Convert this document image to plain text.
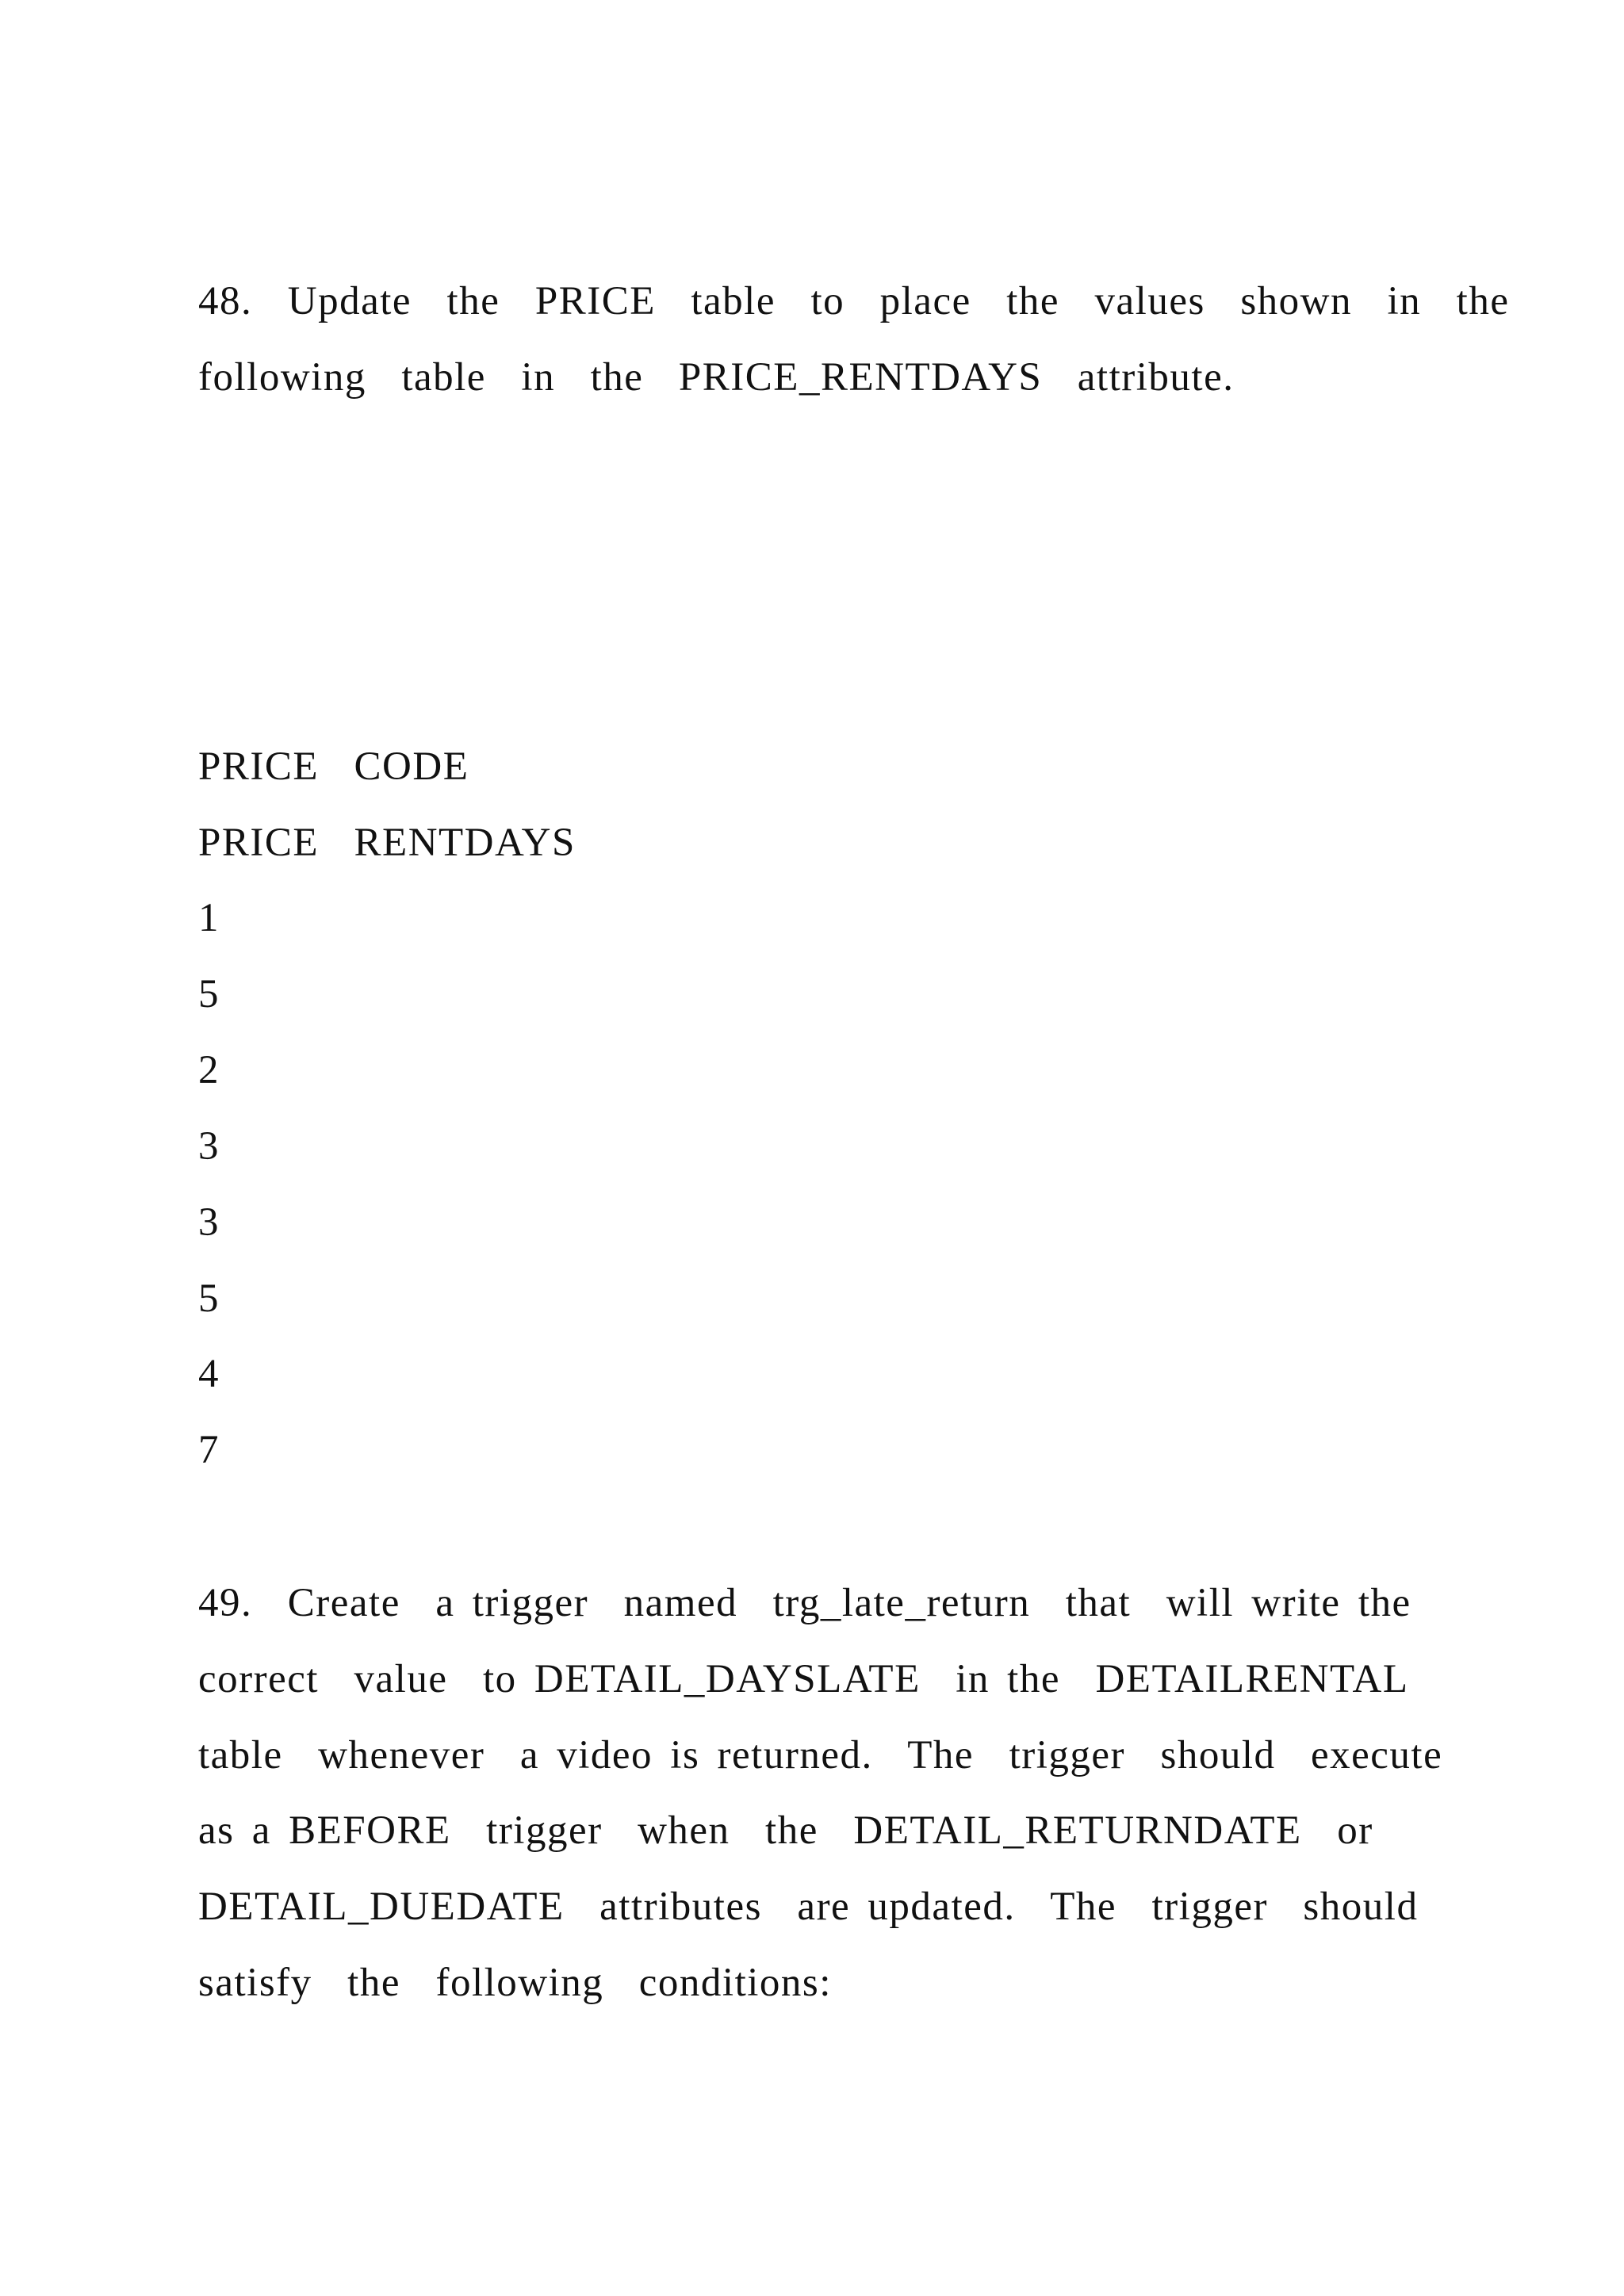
48.  Update  the  PRICE  table  to  place  the  values  shown  in  the
following  table  in  the  PRICE_RENTDAYS  attribute.
PRICE  CODE
PRICE  RENTDAYS
1
5
2
3
3
5
4
7
49.  Create  a trigger  named  trg_late_return  that  will write the
correct  value  to DETAIL_DAYSLATE  in the  DETAILRENTAL
table  whenever  a video is returned.  The  trigger  should  execute
as a BEFORE  trigger  when  the  DETAIL_RETURNDATE  or
DETAIL_DUEDATE  attributes  are updated.  The  trigger  should
satisfy  the  following  conditions:
